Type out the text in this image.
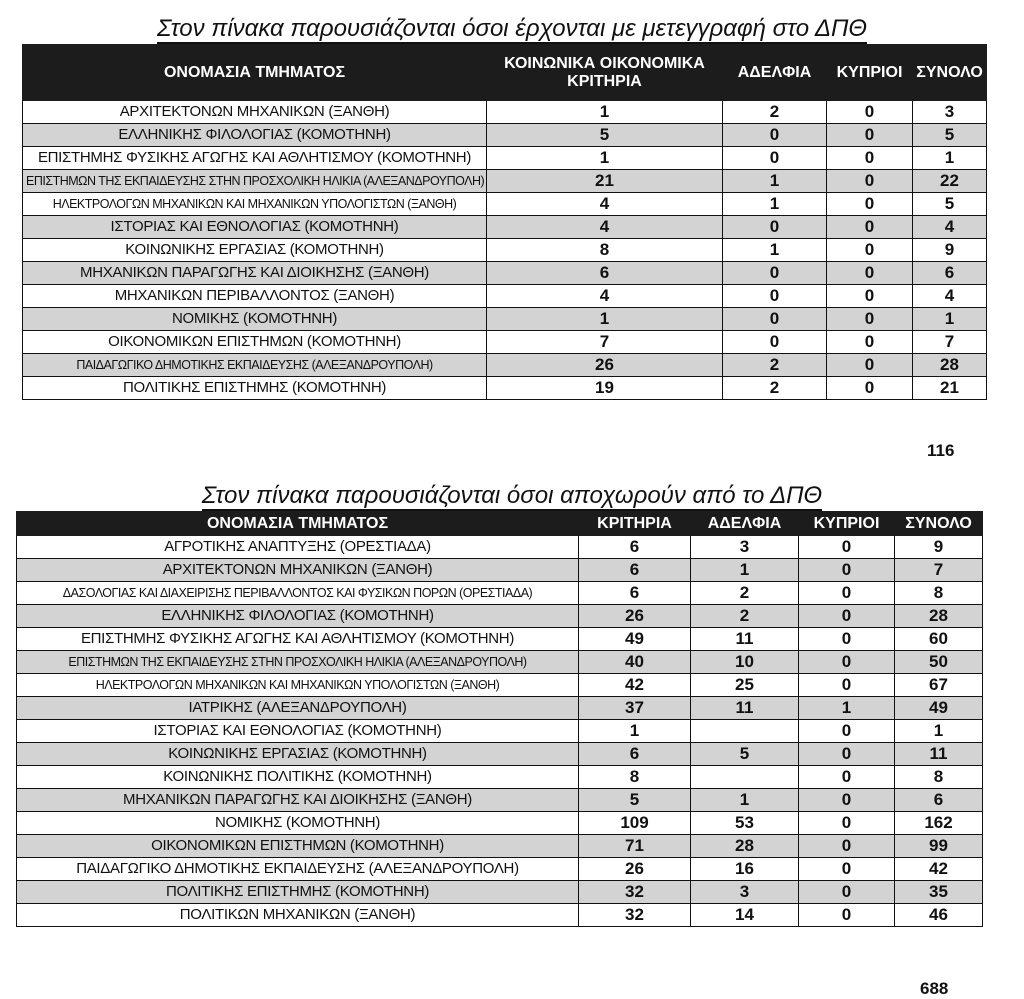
Στον πίνακα παρουσιάζονται όσοι έρχονται με μετεγγραφή στο ΔΠΘ
ΟΝΟΜΑΣΙΑ ΤΜΗΜΑΤΟΣ	ΚΟΙΝΩΝΙΚΑ ΟΙΚΟΝΟΜΙΚΑ ΚΡΙΤΗΡΙΑ	ΑΔΕΛΦΙΑ	ΚΥΠΡΙΟΙ	ΣΥΝΟΛΟ
ΑΡΧΙΤΕΚΤΟΝΩΝ ΜΗΧΑΝΙΚΩΝ (ΞΑΝΘΗ)	1	2	0	3
ΕΛΛΗΝΙΚΗΣ ΦΙΛΟΛΟΓΙΑΣ (ΚΟΜΟΤΗΝΗ)	5	0	0	5
ΕΠΙΣΤΗΜΗΣ ΦΥΣΙΚΗΣ ΑΓΩΓΗΣ ΚΑΙ ΑΘΛΗΤΙΣΜΟΥ (ΚΟΜΟΤΗΝΗ)	1	0	0	1
ΕΠΙΣΤΗΜΩΝ ΤΗΣ ΕΚΠΑΙΔΕΥΣΗΣ ΣΤΗΝ ΠΡΟΣΧΟΛΙΚΗ ΗΛΙΚΙΑ (ΑΛΕΞΑΝΔΡΟΥΠΟΛΗ)	21	1	0	22
ΗΛΕΚΤΡΟΛΟΓΩΝ ΜΗΧΑΝΙΚΩΝ ΚΑΙ ΜΗΧΑΝΙΚΩΝ ΥΠΟΛΟΓΙΣΤΩΝ (ΞΑΝΘΗ)	4	1	0	5
ΙΣΤΟΡΙΑΣ ΚΑΙ ΕΘΝΟΛΟΓΙΑΣ (ΚΟΜΟΤΗΝΗ)	4	0	0	4
ΚΟΙΝΩΝΙΚΗΣ ΕΡΓΑΣΙΑΣ (ΚΟΜΟΤΗΝΗ)	8	1	0	9
ΜΗΧΑΝΙΚΩΝ ΠΑΡΑΓΩΓΗΣ ΚΑΙ ΔΙΟΙΚΗΣΗΣ (ΞΑΝΘΗ)	6	0	0	6
ΜΗΧΑΝΙΚΩΝ ΠΕΡΙΒΑΛΛΟΝΤΟΣ (ΞΑΝΘΗ)	4	0	0	4
ΝΟΜΙΚΗΣ (ΚΟΜΟΤΗΝΗ)	1	0	0	1
ΟΙΚΟΝΟΜΙΚΩΝ ΕΠΙΣΤΗΜΩΝ (ΚΟΜΟΤΗΝΗ)	7	0	0	7
ΠΑΙΔΑΓΩΓΙΚΟ ΔΗΜΟΤΙΚΗΣ ΕΚΠΑΙΔΕΥΣΗΣ (ΑΛΕΞΑΝΔΡΟΥΠΟΛΗ)	26	2	0	28
ΠΟΛΙΤΙΚΗΣ ΕΠΙΣΤΗΜΗΣ (ΚΟΜΟΤΗΝΗ)	19	2	0	21
116
Στον πίνακα παρουσιάζονται όσοι αποχωρούν από το ΔΠΘ
ΟΝΟΜΑΣΙΑ ΤΜΗΜΑΤΟΣ	ΚΡΙΤΗΡΙΑ	ΑΔΕΛΦΙΑ	ΚΥΠΡΙΟΙ	ΣΥΝΟΛΟ
ΑΓΡΟΤΙΚΗΣ ΑΝΑΠΤΥΞΗΣ (ΟΡΕΣΤΙΑΔΑ)	6	3	0	9
ΑΡΧΙΤΕΚΤΟΝΩΝ ΜΗΧΑΝΙΚΩΝ (ΞΑΝΘΗ)	6	1	0	7
ΔΑΣΟΛΟΓΙΑΣ ΚΑΙ ΔΙΑΧΕΙΡΙΣΗΣ ΠΕΡΙΒΑΛΛΟΝΤΟΣ ΚΑΙ ΦΥΣΙΚΩΝ ΠΟΡΩΝ (ΟΡΕΣΤΙΑΔΑ)	6	2	0	8
ΕΛΛΗΝΙΚΗΣ ΦΙΛΟΛΟΓΙΑΣ (ΚΟΜΟΤΗΝΗ)	26	2	0	28
ΕΠΙΣΤΗΜΗΣ ΦΥΣΙΚΗΣ ΑΓΩΓΗΣ ΚΑΙ ΑΘΛΗΤΙΣΜΟΥ (ΚΟΜΟΤΗΝΗ)	49	11	0	60
ΕΠΙΣΤΗΜΩΝ ΤΗΣ ΕΚΠΑΙΔΕΥΣΗΣ ΣΤΗΝ ΠΡΟΣΧΟΛΙΚΗ ΗΛΙΚΙΑ (ΑΛΕΞΑΝΔΡΟΥΠΟΛΗ)	40	10	0	50
ΗΛΕΚΤΡΟΛΟΓΩΝ ΜΗΧΑΝΙΚΩΝ ΚΑΙ ΜΗΧΑΝΙΚΩΝ ΥΠΟΛΟΓΙΣΤΩΝ (ΞΑΝΘΗ)	42	25	0	67
ΙΑΤΡΙΚΗΣ (ΑΛΕΞΑΝΔΡΟΥΠΟΛΗ)	37	11	1	49
ΙΣΤΟΡΙΑΣ ΚΑΙ ΕΘΝΟΛΟΓΙΑΣ (ΚΟΜΟΤΗΝΗ)	1		0	1
ΚΟΙΝΩΝΙΚΗΣ ΕΡΓΑΣΙΑΣ (ΚΟΜΟΤΗΝΗ)	6	5	0	11
ΚΟΙΝΩΝΙΚΗΣ ΠΟΛΙΤΙΚΗΣ (ΚΟΜΟΤΗΝΗ)	8		0	8
ΜΗΧΑΝΙΚΩΝ ΠΑΡΑΓΩΓΗΣ ΚΑΙ ΔΙΟΙΚΗΣΗΣ (ΞΑΝΘΗ)	5	1	0	6
ΝΟΜΙΚΗΣ (ΚΟΜΟΤΗΝΗ)	109	53	0	162
ΟΙΚΟΝΟΜΙΚΩΝ ΕΠΙΣΤΗΜΩΝ (ΚΟΜΟΤΗΝΗ)	71	28	0	99
ΠΑΙΔΑΓΩΓΙΚΟ ΔΗΜΟΤΙΚΗΣ ΕΚΠΑΙΔΕΥΣΗΣ (ΑΛΕΞΑΝΔΡΟΥΠΟΛΗ)	26	16	0	42
ΠΟΛΙΤΙΚΗΣ ΕΠΙΣΤΗΜΗΣ (ΚΟΜΟΤΗΝΗ)	32	3	0	35
ΠΟΛΙΤΙΚΩΝ ΜΗΧΑΝΙΚΩΝ (ΞΑΝΘΗ)	32	14	0	46
688
